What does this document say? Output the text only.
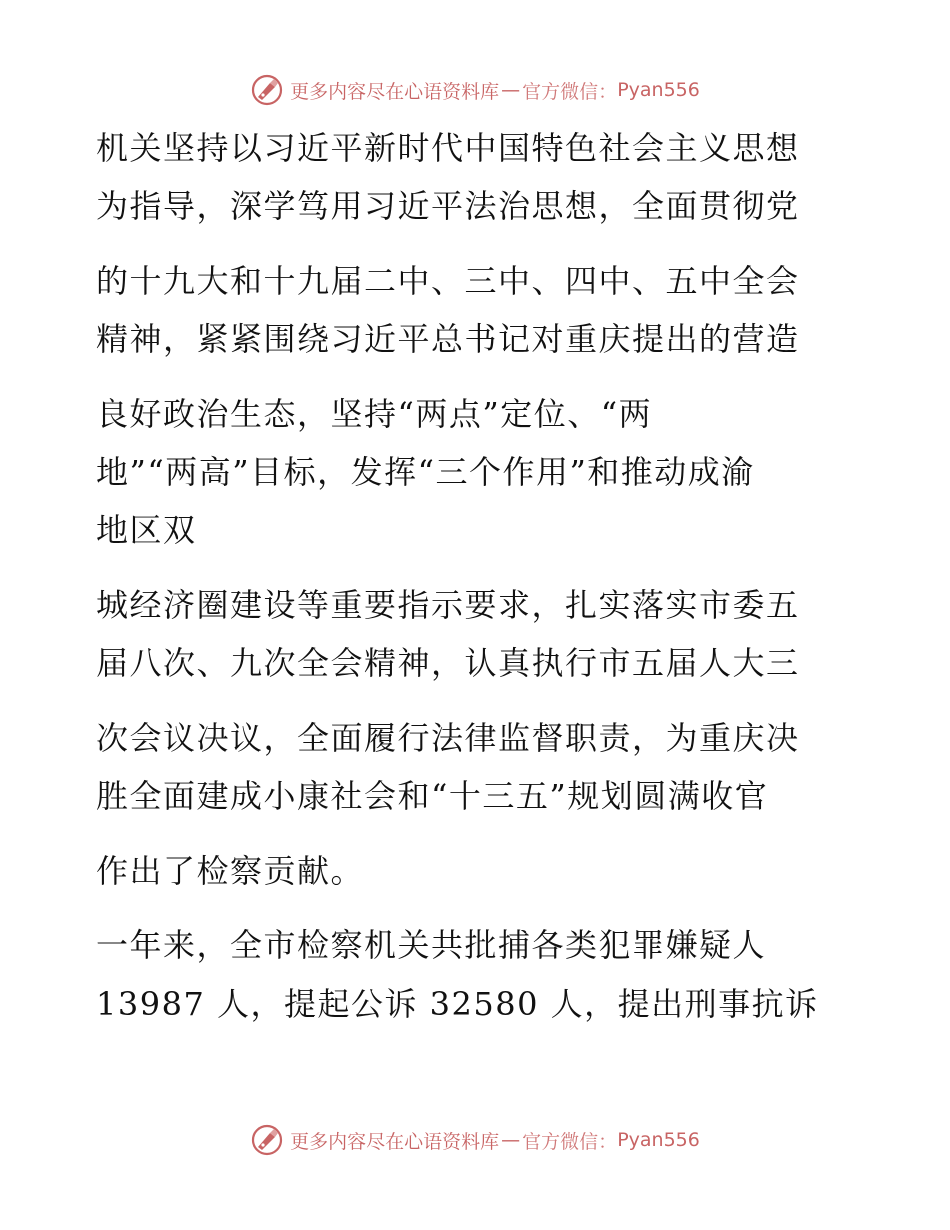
更多内容尽在心语资料库 — 官方微信： Pyan556
机关坚持以习近平新时代中国特色社会主义思想
为指导，深学笃用习近平法治思想，全面贯彻党
的十九大和十九届二中、三中、四中、五中全会
精神，紧紧围绕习近平总书记对重庆提出的营造
良好政治生态，坚持“两点”定位、“两
地”“两高”目标，发挥“三个作用”和推动成渝
地区双
城经济圈建设等重要指示要求，扎实落实市委五
届八次、九次全会精神，认真执行市五届人大三
次会议决议，全面履行法律监督职责，为重庆决
胜全面建成小康社会和“十三五”规划圆满收官
作出了检察贡献。
一年来，全市检察机关共批捕各类犯罪嫌疑人
13987 人，提起公诉 32580 人，提出刑事抗诉
更多内容尽在心语资料库 — 官方微信： Pyan556
